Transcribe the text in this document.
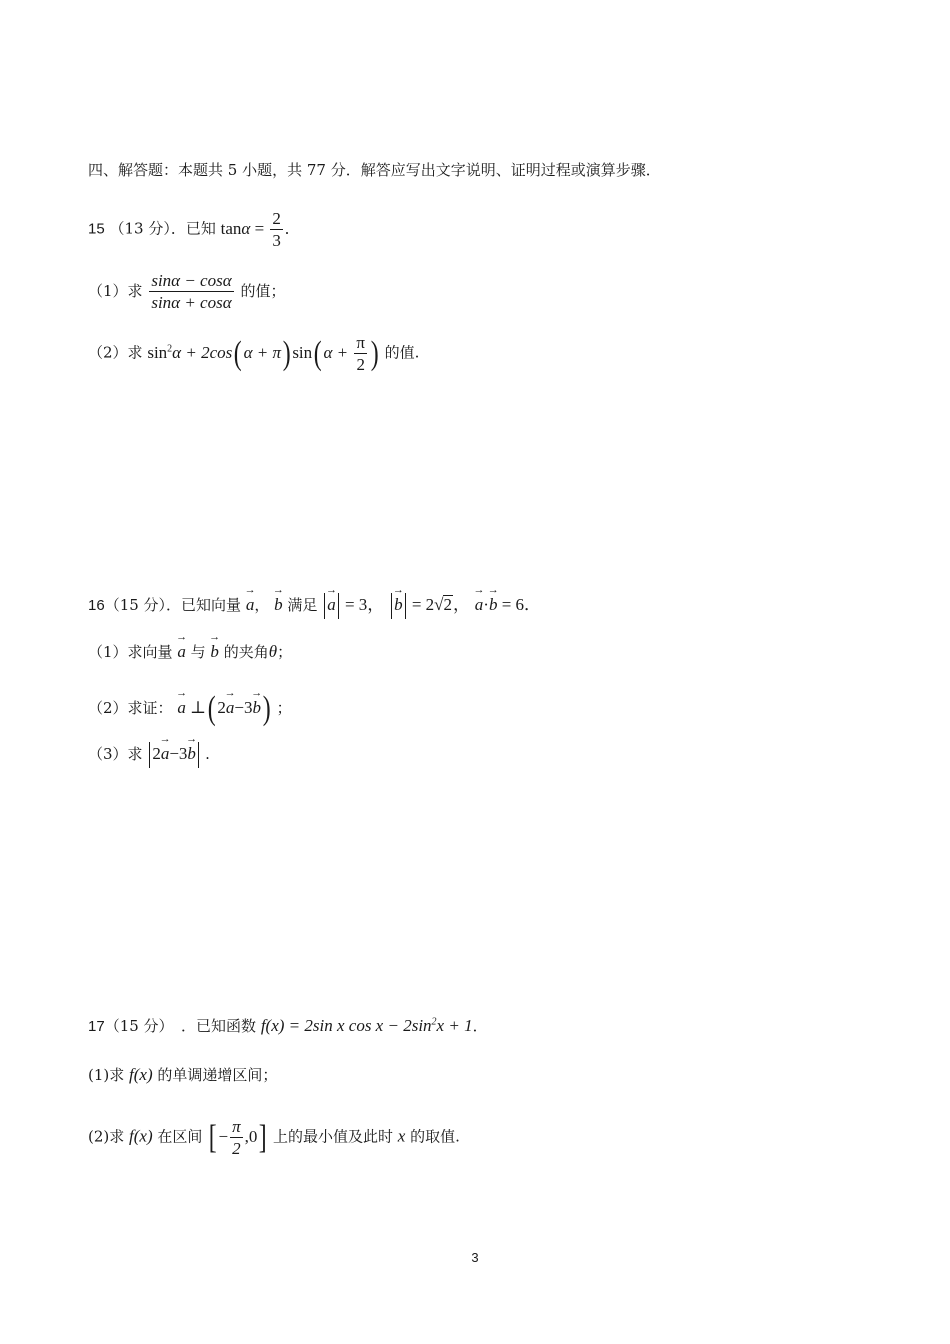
四、解答题：本题共 5 小题，共 77 分．解答应写出文字说明、证明过程或演算步骤．
15 （13 分）．已知 $\tan\alpha = \frac{2}{3}$ .
（1）求 $\frac{\sin\alpha - \cos\alpha}{\sin\alpha + \cos\alpha}$ 的值；
（2）求 $\sin^2\alpha + 2\cos(\alpha + \pi)\sin(\alpha + \frac{\pi}{2}$ ) 的值.
16（15 分）．已知向量 → a， → b 满足 → a = 3， → b = 2√2， → a·→ b = 6．
（1）求向量 → a 与 → b 的夹角θ；
（2）求证： → a ⊥(2→ a−3→ b) ；
（3）求 2→ a−3→ b .
17（15 分）　．已知函数 f(x) = 2sin x $\cos x - 2\sin^2x + 1$．
(1)求 f(x) 的单调递增区间；
(2)求 f(x) 在区间 [− $\frac{\pi}{2} ,0$] 上的最小值及此时 x 的取值.
3
